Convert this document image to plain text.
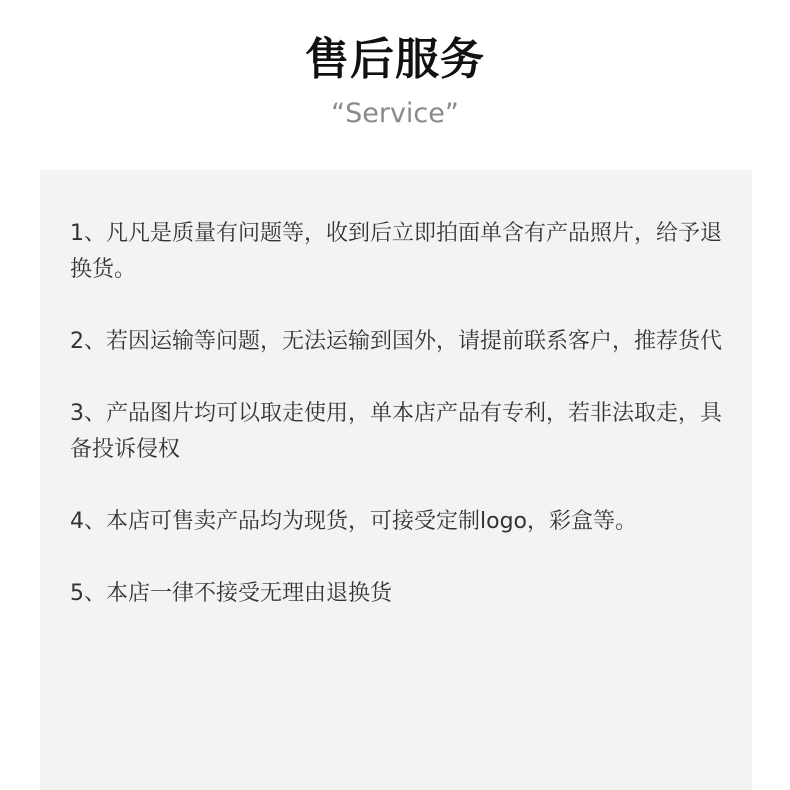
售后服务
“Service”
1、凡凡是质量有问题等，收到后立即拍面单含有产品照片，给予退换货。
2、若因运输等问题，无法运输到国外，请提前联系客户，推荐货代
3、产品图片均可以取走使用，单本店产品有专利，若非法取走，具备投诉侵权
4、本店可售卖产品均为现货，可接受定制logo，彩盒等。
5、本店一律不接受无理由退换货
